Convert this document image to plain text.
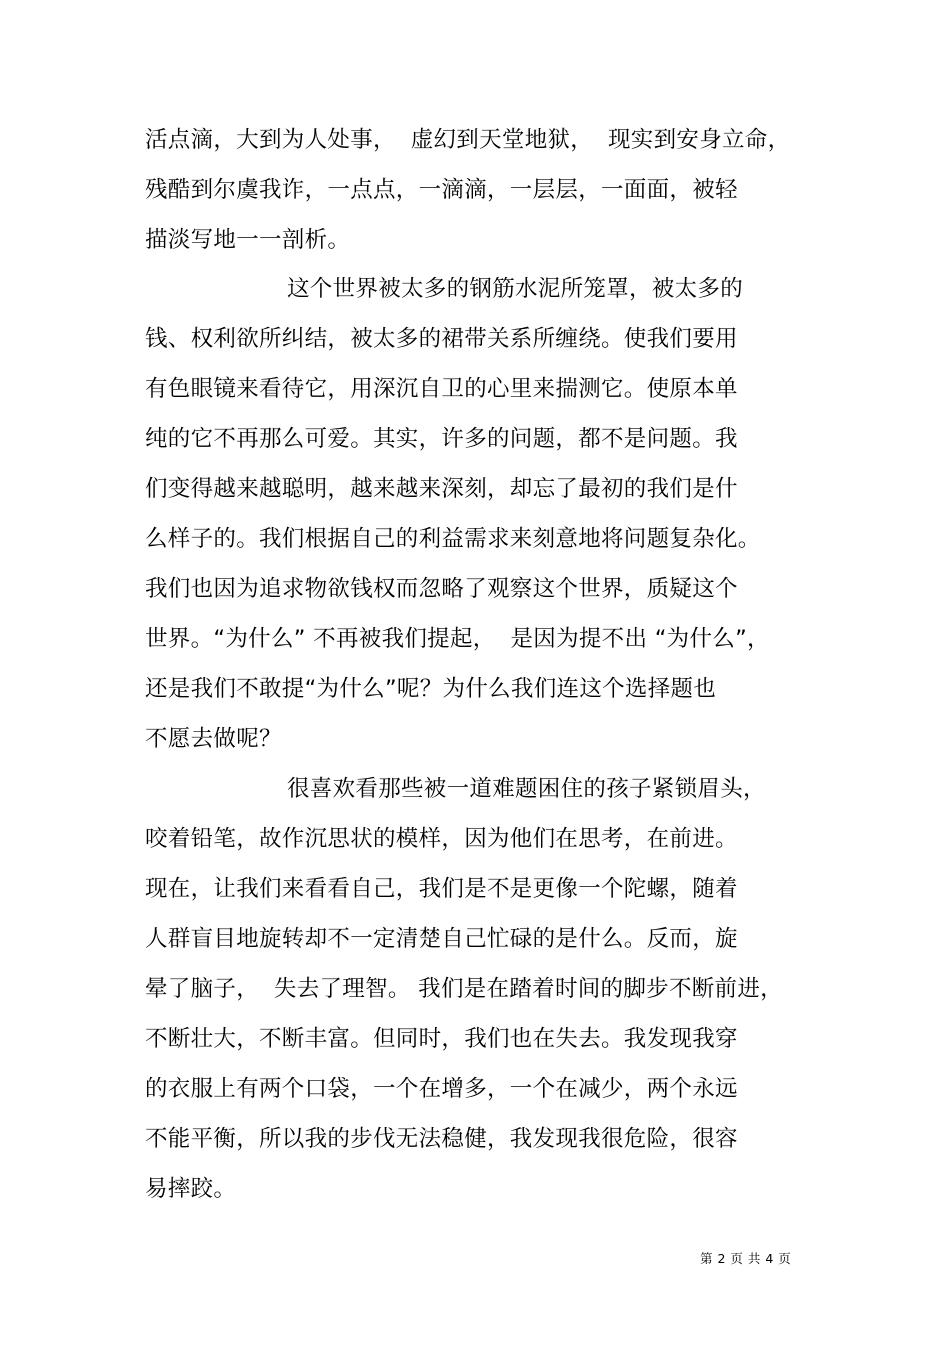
活点滴，大到为人处事，  虚幻到天堂地狱，  现实到安身立命，
残酷到尔虞我诈，一点点，一滴滴，一层层，一面面，被轻
描淡写地一一剖析。
这个世界被太多的钢筋水泥所笼罩，被太多的
钱、权利欲所纠结，被太多的裙带关系所缠绕。使我们要用
有色眼镜来看待它，用深沉自卫的心里来揣测它。使原本单
纯的它不再那么可爱。其实，许多的问题，都不是问题。我
们变得越来越聪明，越来越来深刻，却忘了最初的我们是什
么样子的。我们根据自己的利益需求来刻意地将问题复杂化。
我们也因为追求物欲钱权而忽略了观察这个世界，质疑这个
世界。“为什么” 不再被我们提起，  是因为提不出 “为什么”，
还是我们不敢提“为什么”呢？为什么我们连这个选择题也
不愿去做呢？
很喜欢看那些被一道难题困住的孩子紧锁眉头，
咬着铅笔，故作沉思状的模样，因为他们在思考，在前进。
现在，让我们来看看自己，我们是不是更像一个陀螺，随着
人群盲目地旋转却不一定清楚自己忙碌的是什么。反而，旋
晕了脑子，  失去了理智。 我们是在踏着时间的脚步不断前进，
不断壮大，不断丰富。但同时，我们也在失去。我发现我穿
的衣服上有两个口袋，一个在增多，一个在减少，两个永远
不能平衡，所以我的步伐无法稳健，我发现我很危险，很容
易摔跤。
第 2 页 共 4 页
